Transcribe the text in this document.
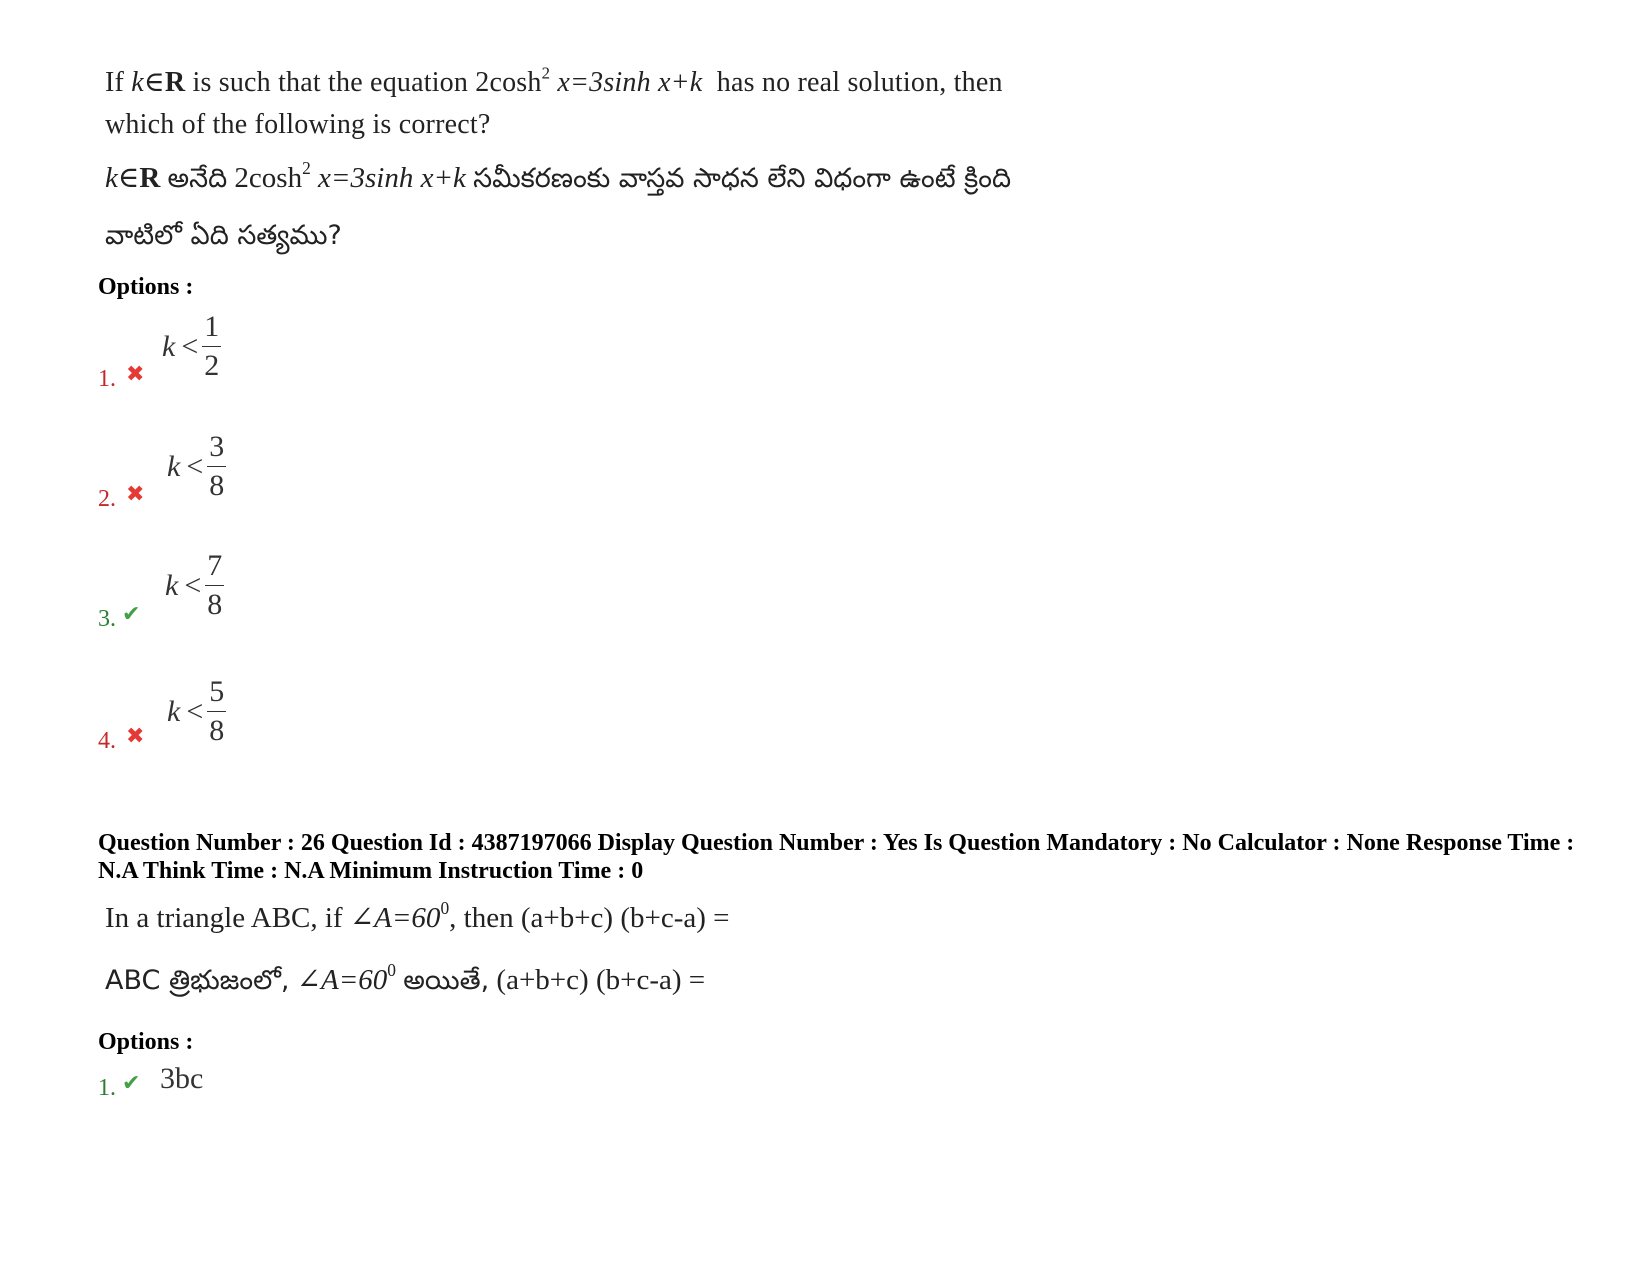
If k∈R is such that the equation $2\cosh^2$ x=3sinh x+k has no real solution, then
which of the following is correct?
k∈R అనేది $2\cosh^2$ x=3sinh x+k సమీకరణంకు వాస్తవ సాధన లేని విధంగా ఉంటే క్రింది
వాటిలో ఏది సత్యము?
Options :
1. ✖
$k < \frac{1}{2}$
2. ✖
$k < \frac{3}{8}$
3. ✔
$k < \frac{7}{8}$
4. ✖
$k < \frac{5}{8}$
Question Number : 26 Question Id : 4387197066 Display Question Number : Yes Is Question Mandatory : No Calculator : None Response Time : N.A Think Time : N.A Minimum Instruction Time : 0
In a triangle ABC, if $\angle A=60^0$, then (a+b+c) (b+c-a) =
ABC త్రిభుజంలో, $\angle A=60^0$ అయితే, (a+b+c) (b+c-a) =
Options :
1. ✔ 3bc
